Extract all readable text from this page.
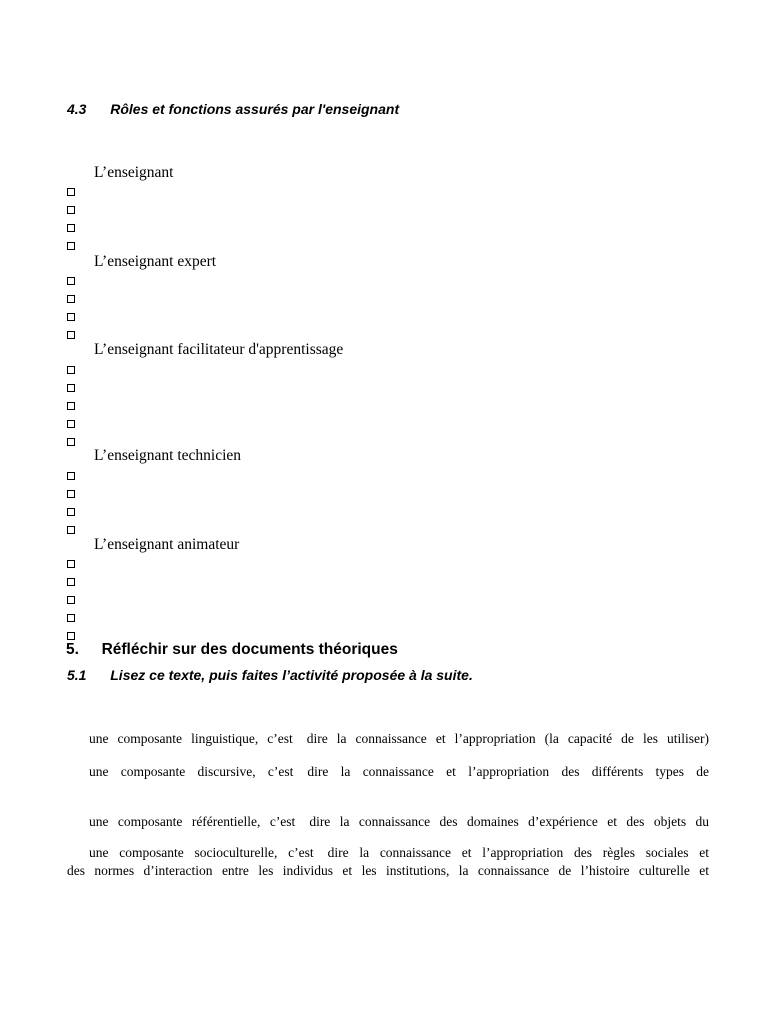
4.3 Rôles et fonctions assurés par l'enseignant
L’enseignant
L’enseignant expert
L’enseignant facilitateur d'apprentissage
L’enseignant technicien
L’enseignant animateur
5. Réfléchir sur des documents théoriques
5.1 Lisez ce texte, puis faites l’activité proposée à la suite.
une composante linguistique, c’est dire la connaissance et l’appropriation (la capacité de les utiliser)
une composante discursive, c’est dire la connaissance et l’appropriation des différents types de
une composante référentielle, c’est dire la connaissance des domaines d’expérience et des objets du
une composante socioculturelle, c’est dire la connaissance et l’appropriation des règles sociales et
des normes d’interaction entre les individus et les institutions, la connaissance de l’histoire culturelle et
